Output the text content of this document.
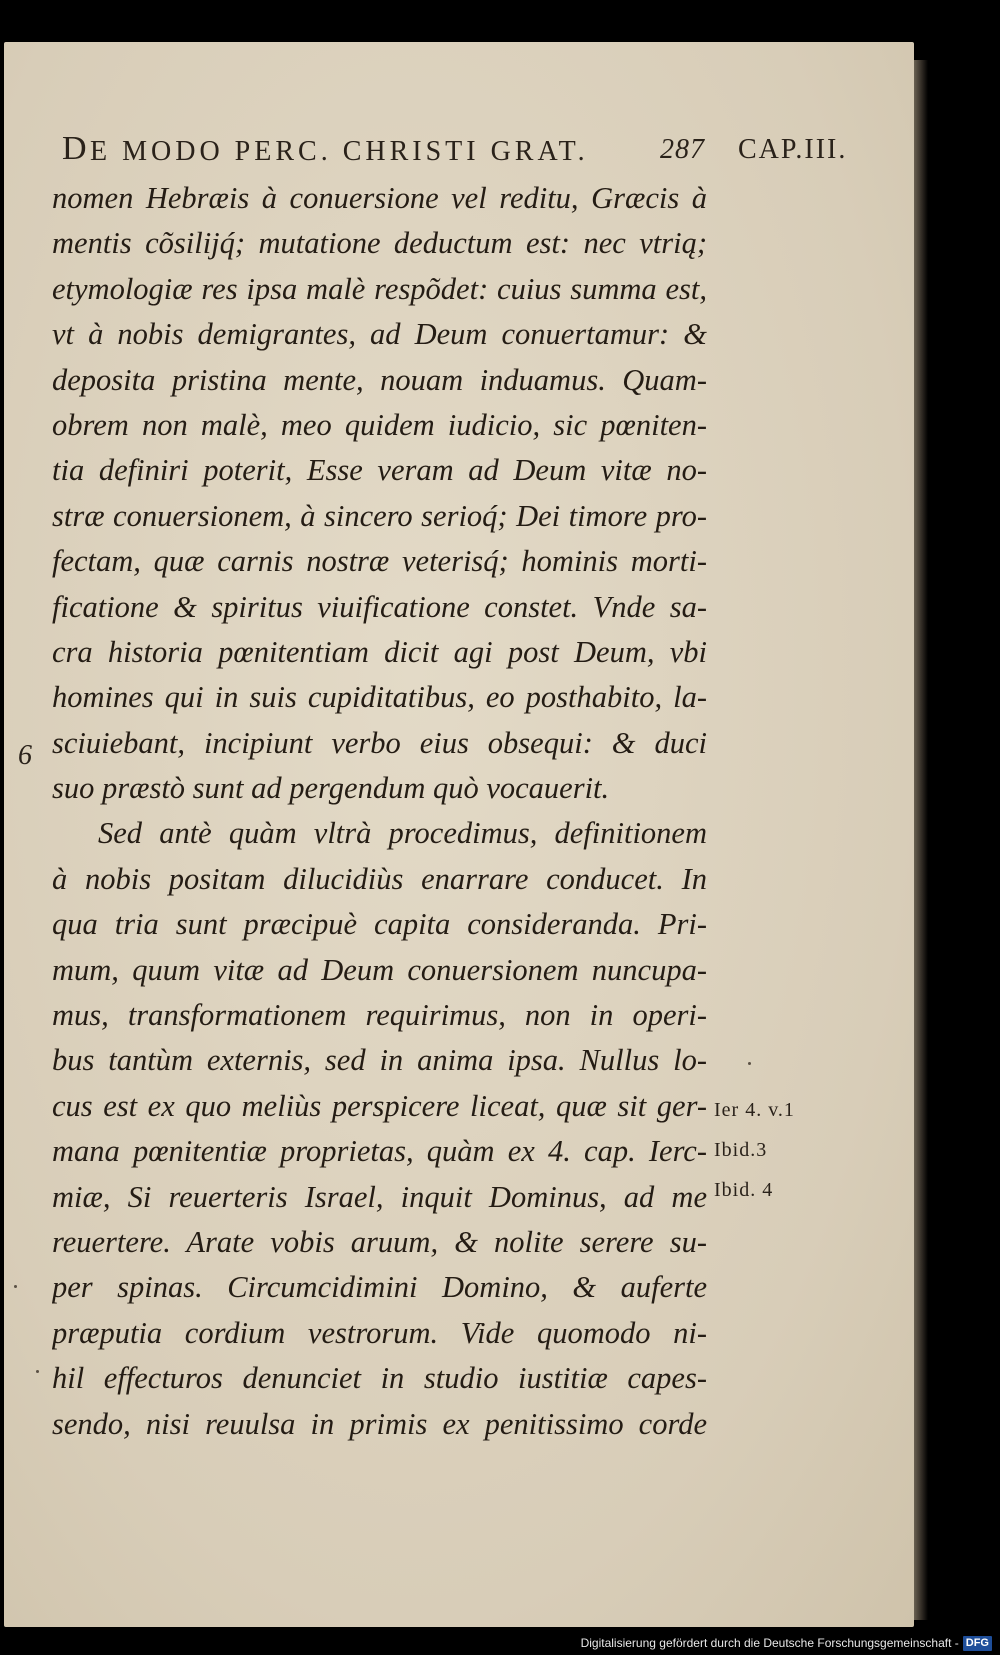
D E MODO PERC. CHRISTI GRAT.	287 CAP.III.
6
nomen Hebræis à conuersione vel reditu, Græcis à
mentis cõsilijq́; mutatione deductum est: nec vtrią;
etymologiæ res ipsa malè respõdet: cuius summa est,
vt à nobis demigrantes, ad Deum conuertamur: &
deposita pristina mente, nouam induamus. Quam-
obrem non malè, meo quidem iudicio, sic pœniten-
tia definiri poterit, Esse veram ad Deum vitæ no-
stræ conuersionem, à sincero serioq́; Dei timore pro-
fectam, quæ carnis nostræ veterisq́; hominis morti-
ficatione & spiritus viuificatione constet. Vnde sa-
cra historia pœnitentiam dicit agi post Deum, vbi
homines qui in suis cupiditatibus, eo posthabito, la-
sciuiebant, incipiunt verbo eius obsequi: & duci
suo præstò sunt ad pergendum quò vocauerit.
Sed antè quàm vltrà procedimus, definitionem
à nobis positam dilucidiùs enarrare conducet. In
qua tria sunt præcipuè capita consideranda. Pri-
mum, quum vitæ ad Deum conuersionem nuncupa-
mus, transformationem requirimus, non in operi-
bus tantùm externis, sed in anima ipsa. Nullus lo-
cus est ex quo meliùs perspicere liceat, quæ sit ger-
mana pœnitentiæ proprietas, quàm ex 4. cap. Ierc-
miæ, Si reuerteris Israel, inquit Dominus, ad me
reuertere. Arate vobis aruum, & nolite serere su-
per spinas. Circumcidimini Domino, & auferte
præputia cordium vestrorum. Vide quomodo ni-
hil effecturos denunciet in studio iustitiæ capes-
sendo, nisi reuulsa in primis ex penitissimo corde
Ier 4. v.1
Ibid.3
Ibid. 4
Digitalisierung gefördert durch die Deutsche Forschungsgemeinschaft - DFG
